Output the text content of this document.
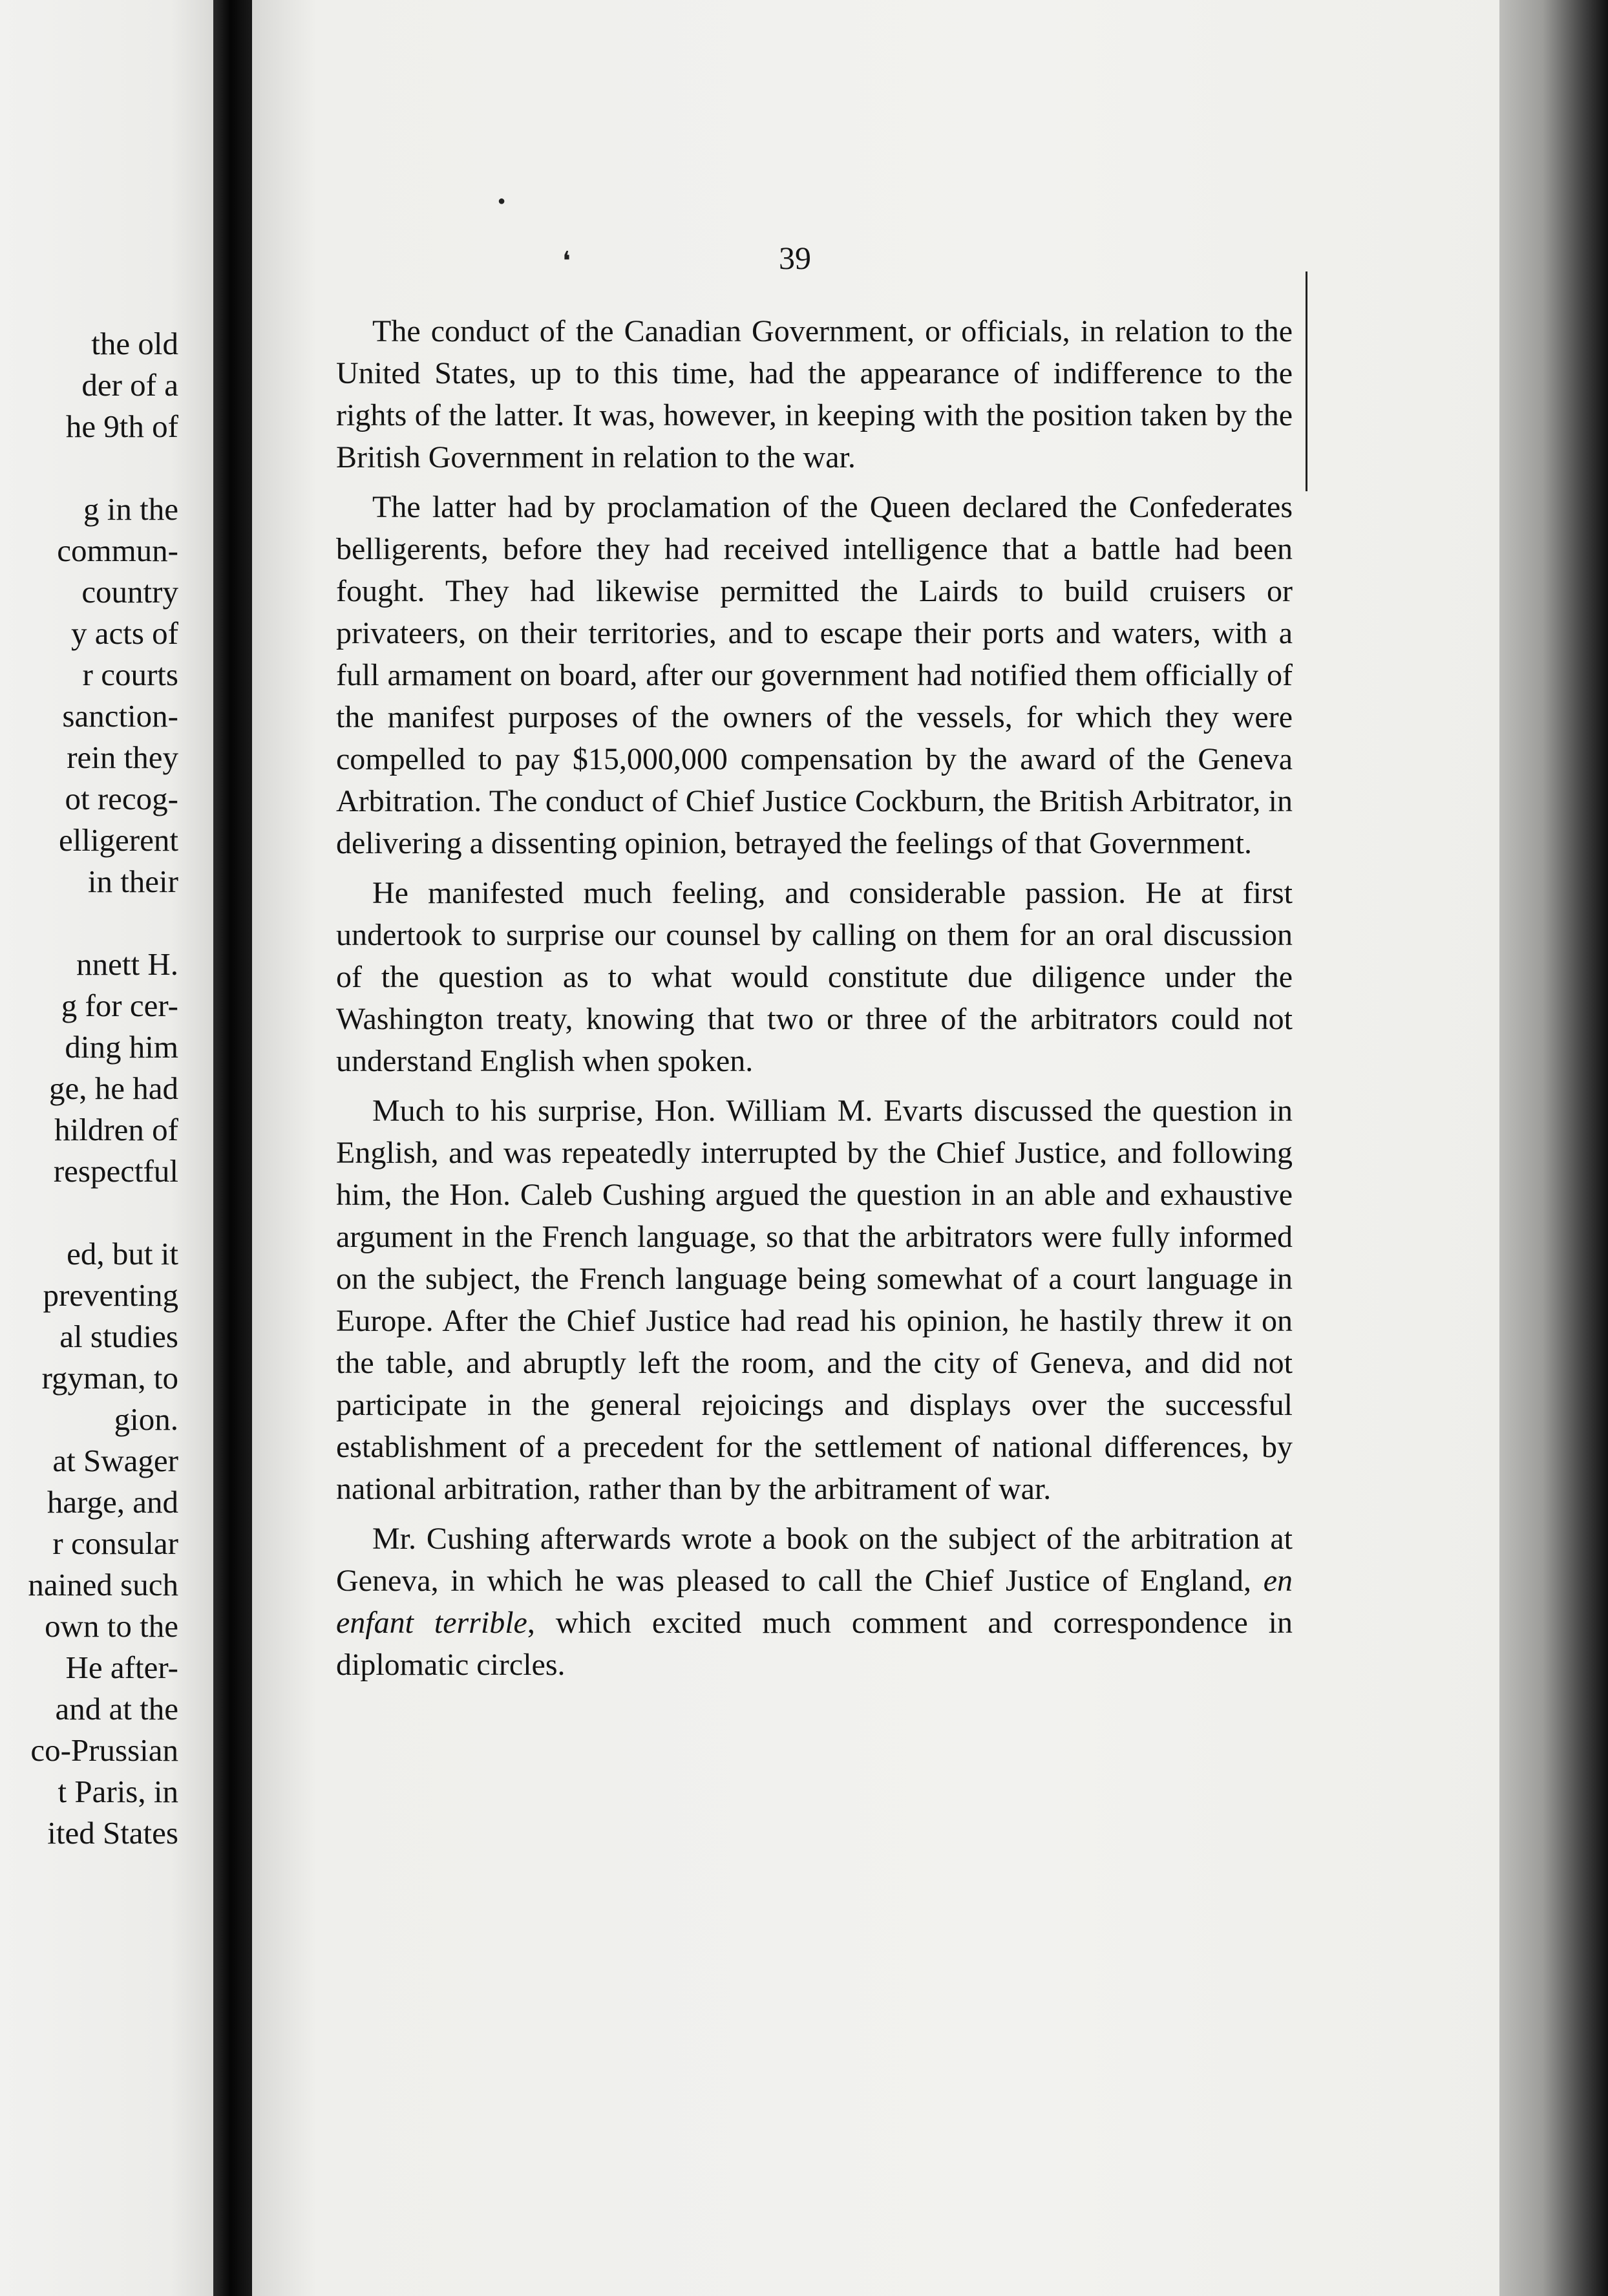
the old
der of a
he 9th of
g in the
commun-
country
y acts of
r courts
sanction-
rein they
ot recog-
elligerent
in their
nnett H.
g for cer-
ding him
ge, he had
hildren of
respectful
ed, but it
preventing
al studies
rgyman, to
gion.
at Swager
harge, and
r consular
nained such
own to the
He after-
and at the
co-Prussian
t Paris, in
ited States
❛
●
39

The conduct of the Canadian Government, or officials, in relation to the United States, up to this time, had the appearance of indifference to the rights of the latter. It was, however, in keeping with the position taken by the British Government in relation to the war.

The latter had by proclamation of the Queen declared the Confederates belligerents, before they had received intelligence that a battle had been fought. They had likewise permitted the Lairds to build cruisers or privateers, on their territories, and to escape their ports and waters, with a full armament on board, after our government had notified them officially of the manifest purposes of the owners of the vessels, for which they were compelled to pay $15,000,000 compensation by the award of the Geneva Arbitration. The conduct of Chief Justice Cockburn, the British Arbitrator, in delivering a dissenting opinion, betrayed the feelings of that Government.

He manifested much feeling, and considerable passion. He at first undertook to surprise our counsel by calling on them for an oral discussion of the question as to what would constitute due diligence under the Washington treaty, knowing that two or three of the arbitrators could not understand English when spoken.

Much to his surprise, Hon. William M. Evarts discussed the question in English, and was repeatedly interrupted by the Chief Justice, and following him, the Hon. Caleb Cushing argued the question in an able and exhaustive argument in the French language, so that the arbitrators were fully informed on the subject, the French language being somewhat of a court language in Europe. After the Chief Justice had read his opinion, he hastily threw it on the table, and abruptly left the room, and the city of Geneva, and did not participate in the general rejoicings and displays over the successful establishment of a precedent for the settlement of national differences, by national arbitration, rather than by the arbitrament of war.

Mr. Cushing afterwards wrote a book on the subject of the arbitration at Geneva, in which he was pleased to call the Chief Justice of England, en enfant terrible, which excited much comment and correspondence in diplomatic circles.
